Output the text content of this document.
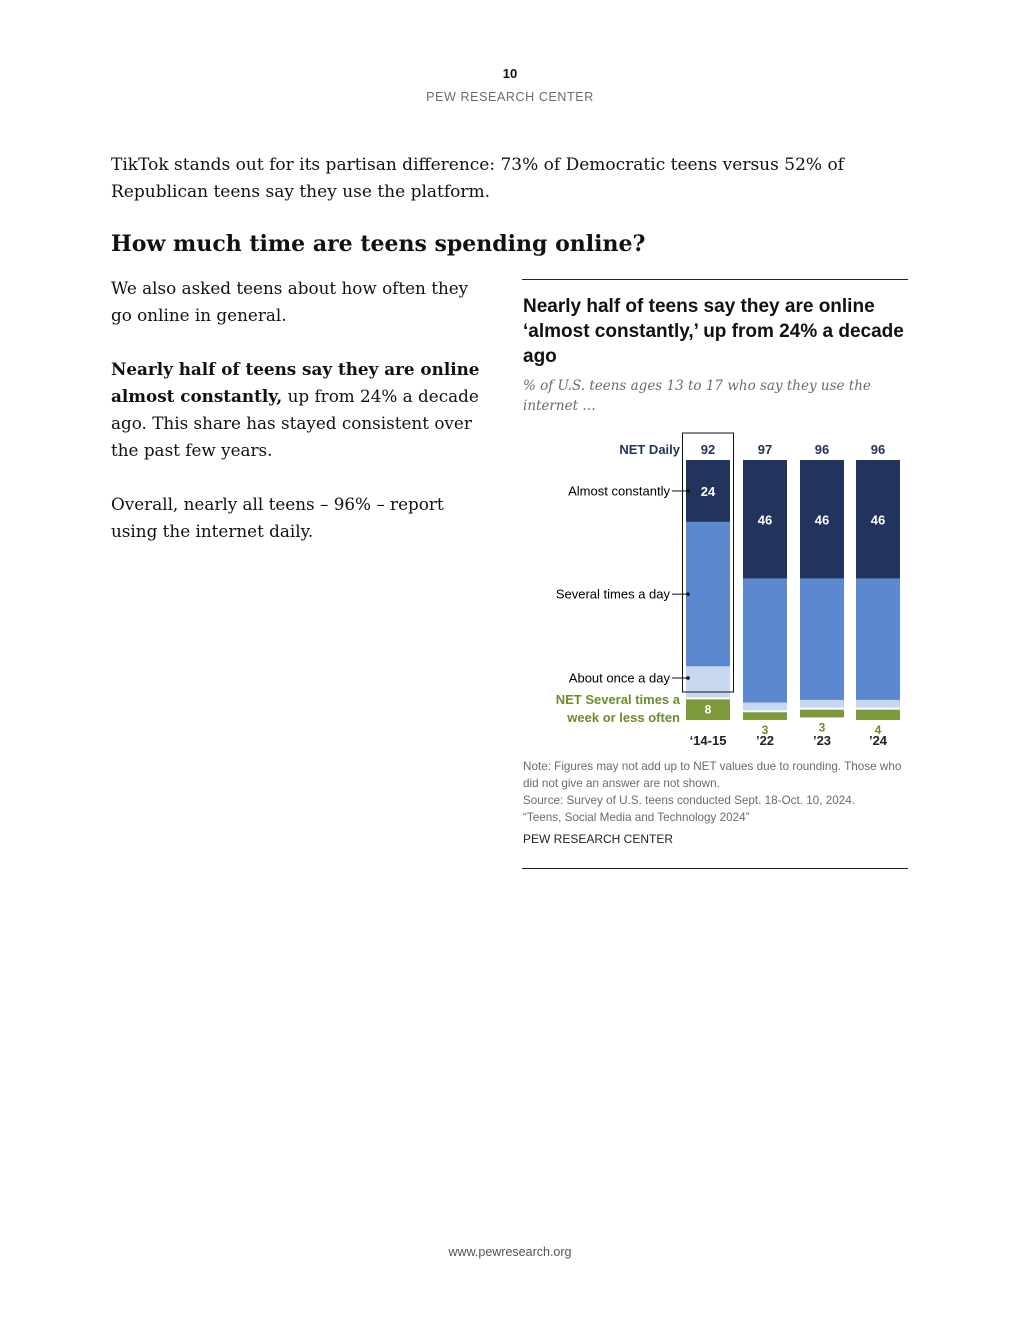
10
PEW RESEARCH CENTER

TikTok stands out for its partisan difference: 73% of Democratic teens versus 52% of Republican teens say they use the platform.

How much time are teens spending online?

We also asked teens about how often they go online in general.

Nearly half of teens say they are online almost constantly, up from 24% a decade ago. This share has stayed consistent over the past few years.

Overall, nearly all teens – 96% – report using the internet daily.

Nearly half of teens say they are online ‘almost constantly,’ up from 24% a decade ago

% of U.S. teens ages 13 to 17 who say they use the internet …

92
24
8
‘14-15
97
46
3
’22
96
46
3
’23
96
46
4
’24
NET Daily
Almost constantly
Several times a day
About once a day
NET Several times a
week or less often

Note: Figures may not add up to NET values due to rounding. Those who did not give an answer are not shown.
Source: Survey of U.S. teens conducted Sept. 18-Oct. 10, 2024.
“Teens, Social Media and Technology 2024”

PEW RESEARCH CENTER
www.pewresearch.org
